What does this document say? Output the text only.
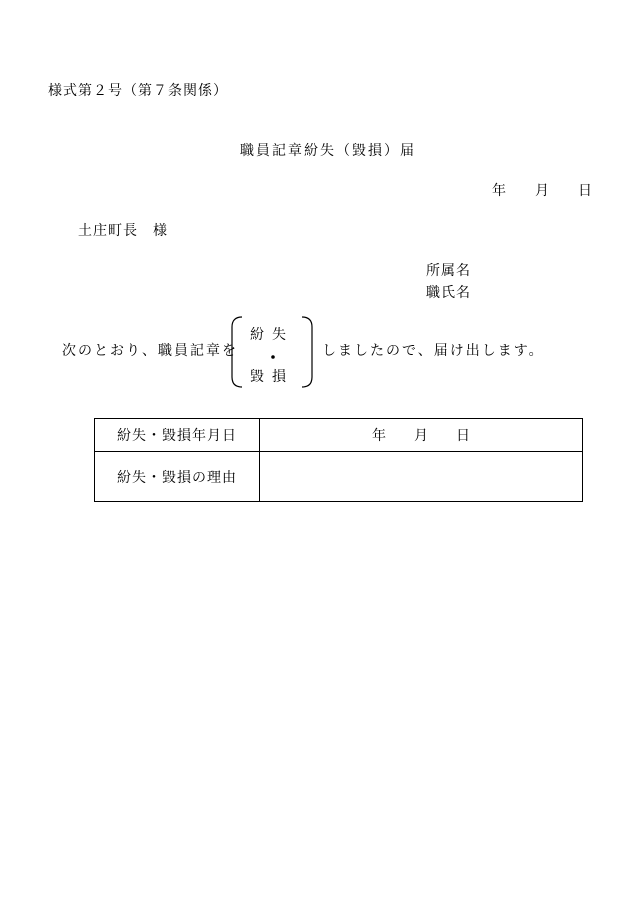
様式第２号（第７条関係）
職員記章紛失（毀損）届
年 月 日
土庄町長　様
所属名
職氏名
次のとおり、職員記章を
紛失
・
毀損
しましたので、届け出します。
紛失・毀損年月日	年 月 日
紛失・毀損の理由	
